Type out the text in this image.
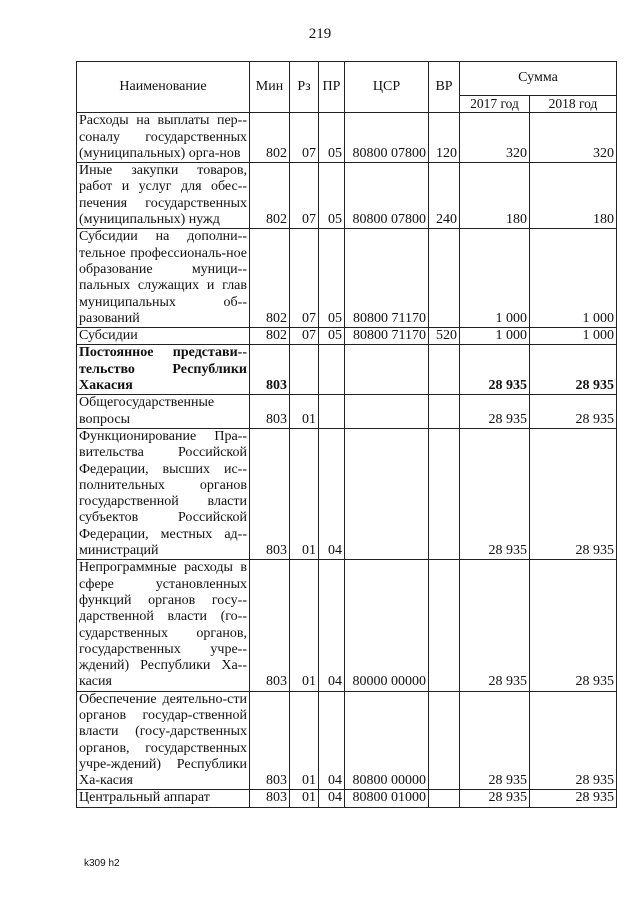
219
Наименование	Мин	Рз	ПР	ЦСР	ВР	Сумма	
						2017 год	2018 год
Расходы на выплаты пер-соналу государственных (муниципальных) орга-нов	802	07	05	80800 07800	120	320	320
Иные закупки товаров, работ и услуг для обес-печения государственных (муниципальных) нужд	802	07	05	80800 07800	240	180	180
Субсидии на дополни-тельное профессиональ-ное образование муници-пальных служащих и глав муниципальных об-разований	802	07	05	80800 71170		1 000	1 000
Субсидии	802	07	05	80800 71170	520	1 000	1 000
Постоянное представи-тельство Республики Хакасия	803					28 935	28 935
Общегосударственные вопросы	803	01				28 935	28 935
Функционирование Пра-вительства Российской Федерации, высших ис-полнительных органов государственной власти субъектов Российской Федерации, местных ад-министраций	803	01	04			28 935	28 935
Непрограммные расходы в сфере установленных функций органов госу-дарственной власти (го-сударственных органов, государственных учре-ждений) Республики Ха-касия	803	01	04	80000 00000		28 935	28 935
Обеспечение деятельно-сти органов государ-ственной власти (госу-дарственных органов, государственных учре-ждений) Республики Ха-касия	803	01	04	80800 00000		28 935	28 935
Центральный аппарат	803	01	04	80800 01000		28 935	28 935
k309 h2
